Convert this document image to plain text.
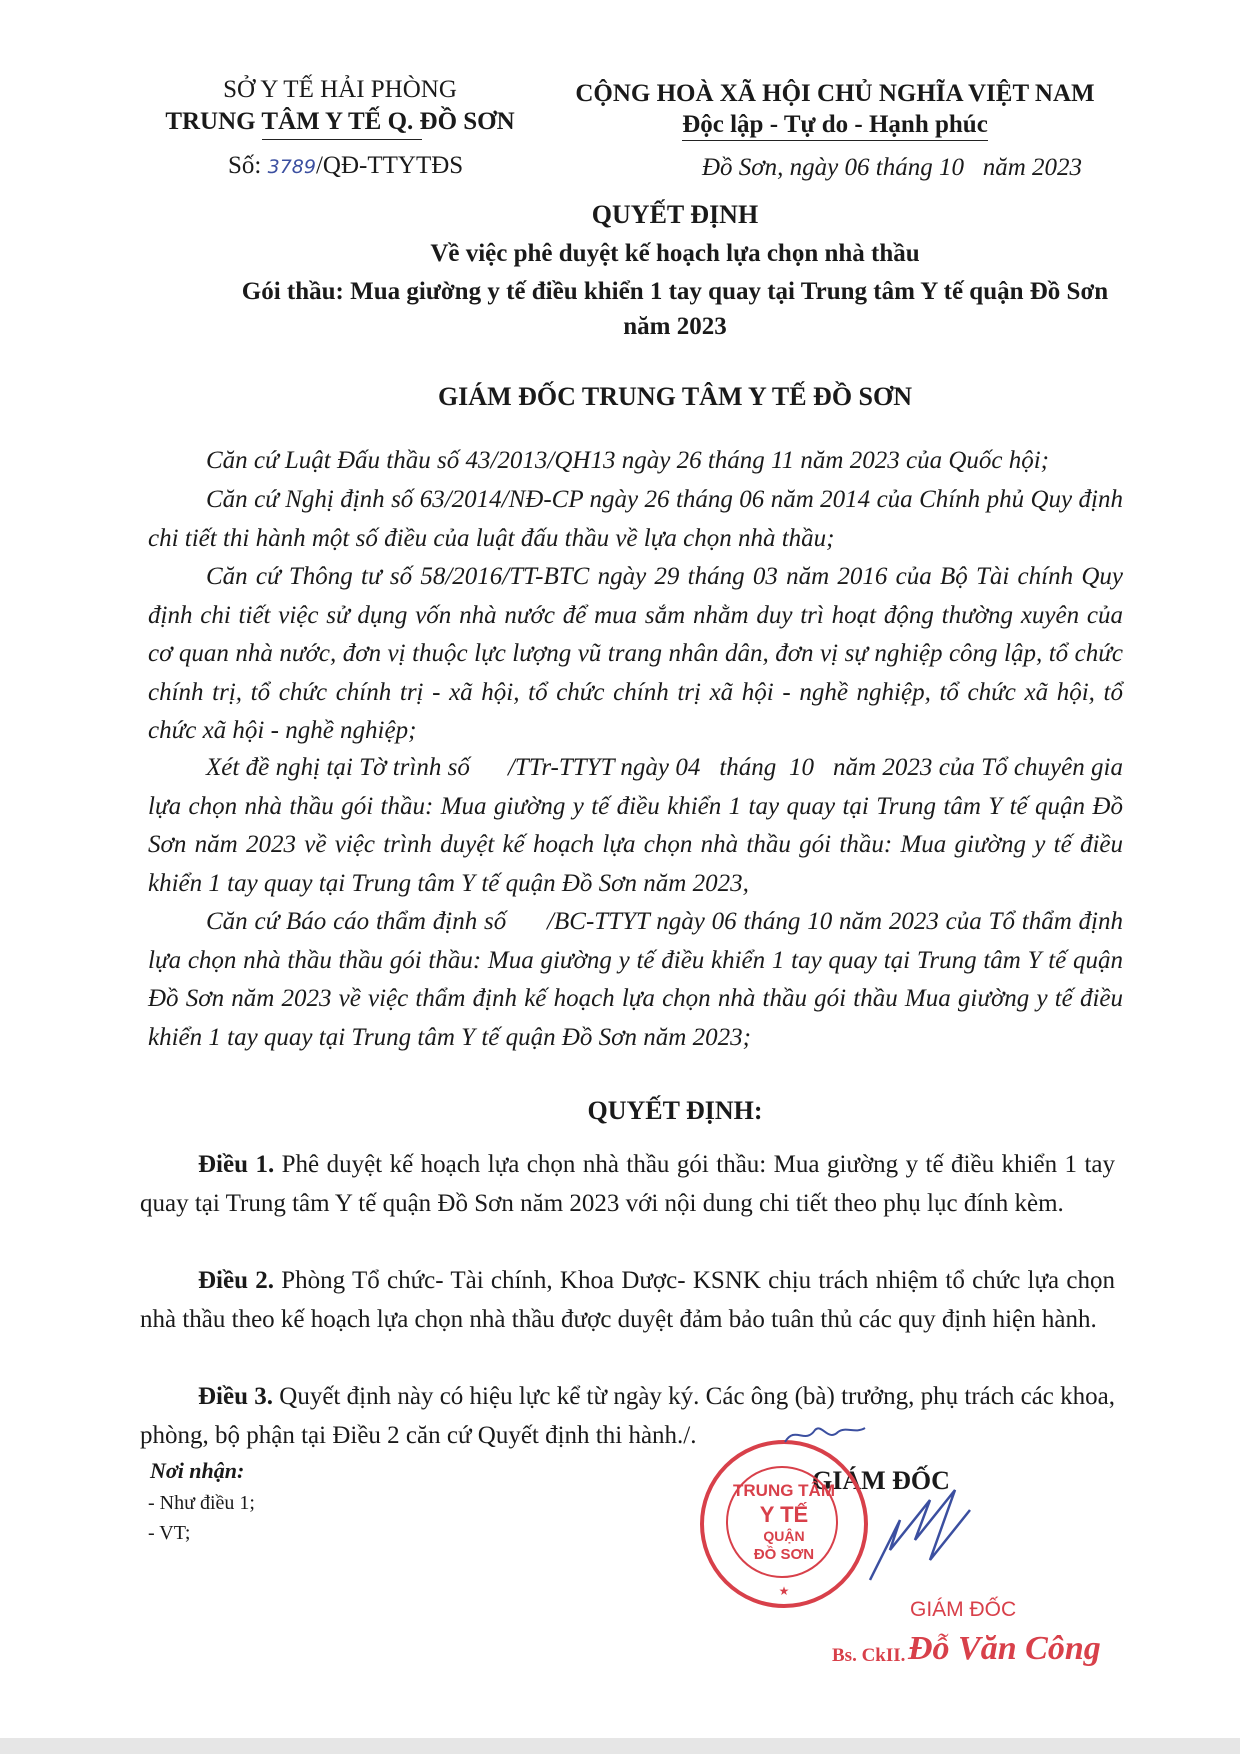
SỞ Y TẾ HẢI PHÒNG
TRUNG TÂM Y TẾ Q. ĐỒ SƠN
Số: 3789/QĐ-TTYTĐS
CỘNG HOÀ XÃ HỘI CHỦ NGHĨA VIỆT NAM
Độc lập - Tự do - Hạnh phúc
Đồ Sơn, ngày 06 tháng 10   năm 2023
QUYẾT ĐỊNH
Về việc phê duyệt kế hoạch lựa chọn nhà thầu
Gói thầu: Mua giường y tế điều khiển 1 tay quay tại Trung tâm Y tế quận Đồ Sơn
năm 2023
GIÁM ĐỐC TRUNG TÂM Y TẾ ĐỒ SƠN
Căn cứ Luật Đấu thầu số 43/2013/QH13 ngày 26 tháng 11 năm 2023 của Quốc hội;
Căn cứ Nghị định số 63/2014/NĐ-CP ngày 26 tháng 06 năm 2014 của Chính phủ Quy định chi tiết thi hành một số điều của luật đấu thầu về lựa chọn nhà thầu;
Căn cứ Thông tư số 58/2016/TT-BTC ngày 29 tháng 03 năm 2016 của Bộ Tài chính Quy định chi tiết việc sử dụng vốn nhà nước để mua sắm nhằm duy trì hoạt động thường xuyên của cơ quan nhà nước, đơn vị thuộc lực lượng vũ trang nhân dân, đơn vị sự nghiệp công lập, tổ chức chính trị, tổ chức chính trị - xã hội, tổ chức chính trị xã hội - nghề nghiệp, tổ chức xã hội, tổ chức xã hội - nghề nghiệp;
Xét đề nghị tại Tờ trình số      /TTr-TTYT ngày 04   tháng  10   năm 2023 của Tổ chuyên gia lựa chọn nhà thầu gói thầu: Mua giường y tế điều khiển 1 tay quay tại Trung tâm Y tế quận Đồ Sơn năm 2023 về việc trình duyệt kế hoạch lựa chọn nhà thầu gói thầu: Mua giường y tế điều khiển 1 tay quay tại Trung tâm Y tế quận Đồ Sơn năm 2023,
Căn cứ Báo cáo thẩm định số      /BC-TTYT ngày 06 tháng 10 năm 2023 của Tổ thẩm định lựa chọn nhà thầu thầu gói thầu: Mua giường y tế điều khiển 1 tay quay tại Trung tâm Y tế quận Đồ Sơn năm 2023 về việc thẩm định kế hoạch lựa chọn nhà thầu gói thầu Mua giường y tế điều khiển 1 tay quay tại Trung tâm Y tế quận Đồ Sơn năm 2023;
QUYẾT ĐỊNH:
Điều 1. Phê duyệt kế hoạch lựa chọn nhà thầu gói thầu: Mua giường y tế điều khiển 1 tay quay tại Trung tâm Y tế quận Đồ Sơn năm 2023 với nội dung chi tiết theo phụ lục đính kèm.
Điều 2. Phòng Tổ chức- Tài chính, Khoa Dược- KSNK chịu trách nhiệm tổ chức lựa chọn nhà thầu theo kế hoạch lựa chọn nhà thầu được duyệt đảm bảo tuân thủ các quy định hiện hành.
Điều 3. Quyết định này có hiệu lực kể từ ngày ký. Các ông (bà) trưởng, phụ trách các khoa, phòng, bộ phận tại Điều 2 căn cứ Quyết định thi hành./.
Nơi nhận:
- Như điều 1;
- VT;
GIÁM ĐỐC
TRUNG TÂM
Y TẾ
QUẬN
ĐỒ SƠN
★
GIÁM ĐỐC
Bs. CkII. Đỗ Văn Công
